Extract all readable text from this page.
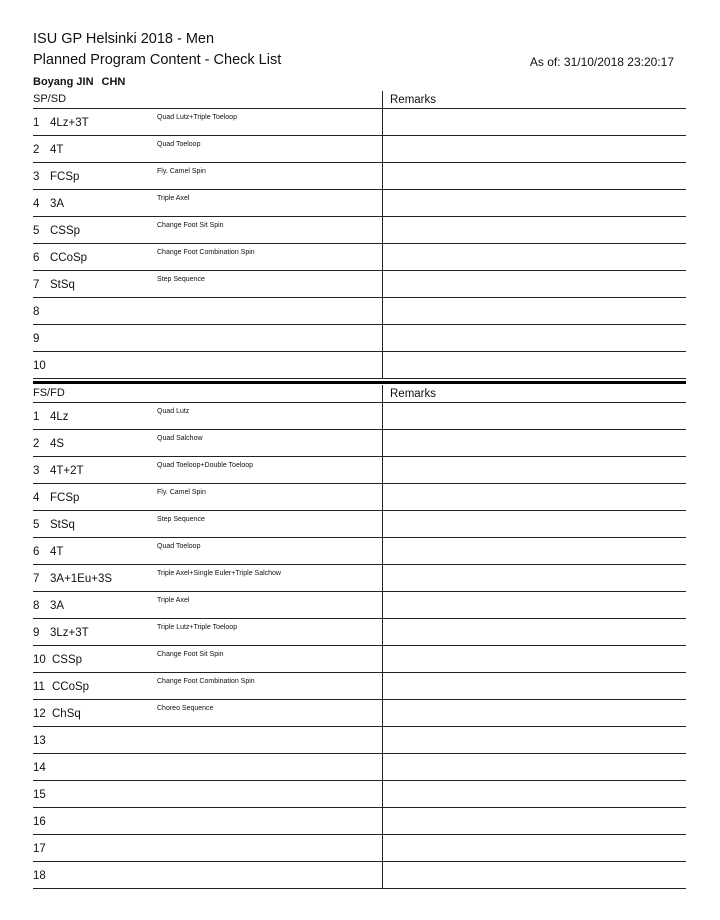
ISU GP Helsinki 2018 - Men
Planned Program Content - Check List	As of: 31/10/2018 23:20:17
Boyang JIN CHN
SP/SD	Remarks
1 4Lz+3T	Quad Lutz+Triple Toeloop
2 4T	Quad Toeloop
3 FCSp	Fly. Camel Spin
4 3A	Triple Axel
5 CSSp	Change Foot Sit Spin
6 CCoSp	Change Foot Combination Spin
7 StSq	Step Sequence
8
9
10
FS/FD	Remarks
1 4Lz	Quad Lutz
2 4S	Quad Salchow
3 4T+2T	Quad Toeloop+Double Toeloop
4 FCSp	Fly. Camel Spin
5 StSq	Step Sequence
6 4T	Quad Toeloop
7 3A+1Eu+3S	Triple Axel+Single Euler+Triple Salchow
8 3A	Triple Axel
9 3Lz+3T	Triple Lutz+Triple Toeloop
10 CSSp	Change Foot Sit Spin
11 CCoSp	Change Foot Combination Spin
12 ChSq	Choreo Sequence
13
14
15
16
17
18
